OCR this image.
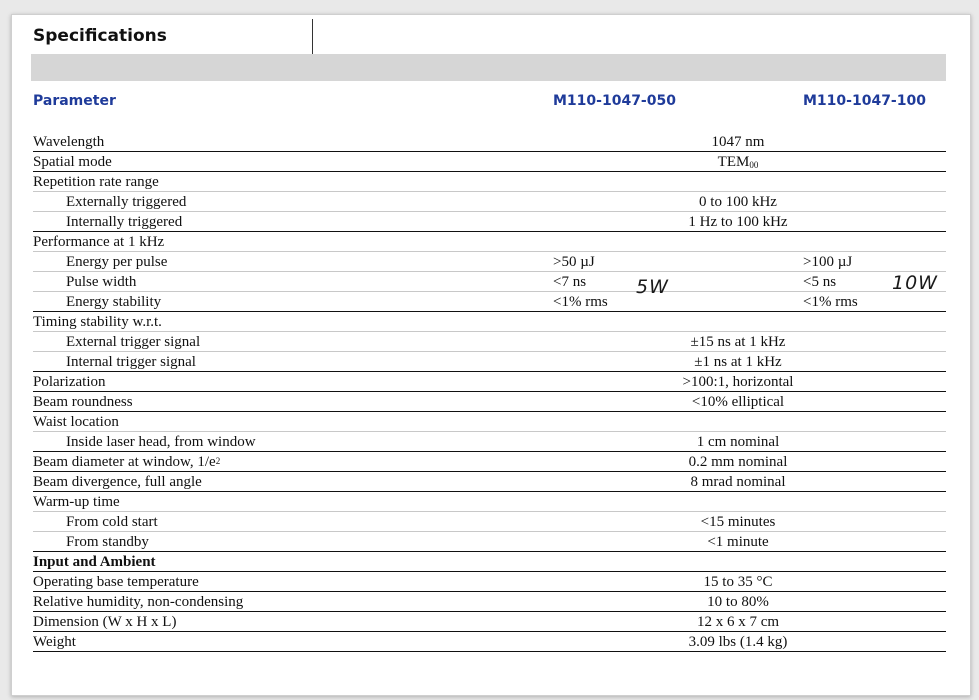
Specifications
Parameter	M110-1047-050	M110-1047-100
Wavelength	1047 nm
Spatial mode	$TEM_{00}$
Repetition rate range
Externally triggered	0 to 100 kHz
Internally triggered	1 Hz to 100 kHz
Performance at 1 kHz
Energy per pulse	>50 µJ	>100 µJ
Pulse width	<7 ns	<5 ns
Energy stability	<1% rms	<1% rms
Timing stability w.r.t.
External trigger signal	±15 ns at 1 kHz
Internal trigger signal	±1 ns at 1 kHz
Polarization	>100:1, horizontal
Beam roundness	<10% elliptical
Waist location
Inside laser head, from window	1 cm nominal
Beam diameter at window, $1/e^2$	0.2 mm nominal
Beam divergence, full angle	8 mrad nominal
Warm-up time
From cold start	<15 minutes
From standby	<1 minute
Input and Ambient
Operating base temperature	15 to 35 °C
Relative humidity, non-condensing	10 to 80%
Dimension (W x H x L)	12 x 6 x 7 cm
Weight	3.09 lbs (1.4 kg)
5W	10W
